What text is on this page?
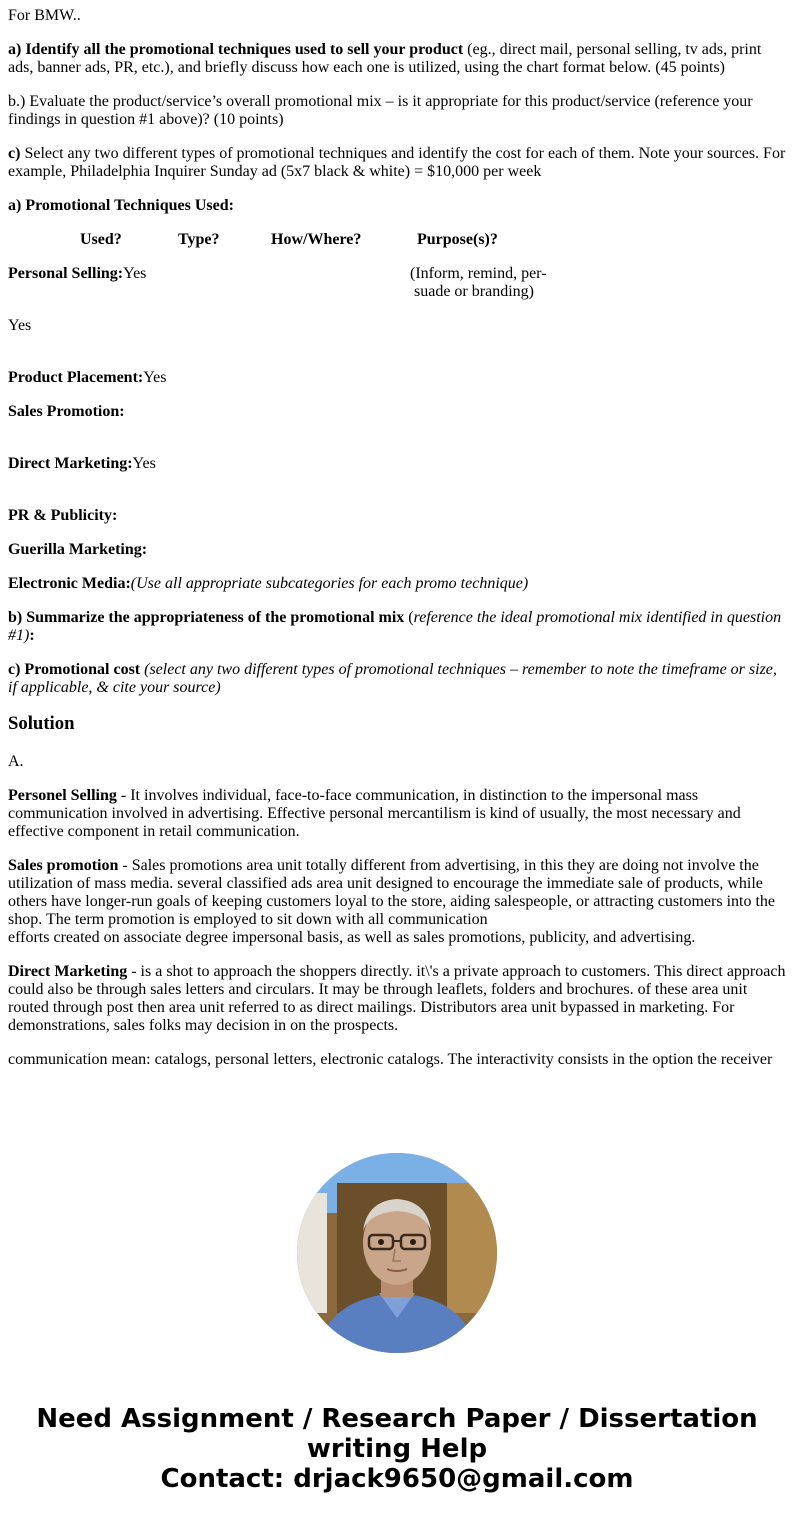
For BMW..

a) Identify all the promotional techniques used to sell your product (eg., direct mail, personal selling, tv ads, print ads, banner ads, PR, etc.), and briefly discuss how each one is utilized, using the chart format below. (45 points)

b.) Evaluate the product/service’s overall promotional mix – is it appropriate for this product/service (reference your findings in question #1 above)? (10 points)

c) Select any two different types of promotional techniques and identify the cost for each of them. Note your sources. For example, Philadelphia Inquirer Sunday ad (5x7 black & white) = $10,000 per week

a) Promotional Techniques Used:

Used?	Type?	How/Where?	Purpose(s)?
Personal Selling:Yes	(Inform, remind, per-
suade or branding)

Yes

Product Placement:Yes

Sales Promotion:

Direct Marketing:Yes

PR & Publicity:

Guerilla Marketing:

Electronic Media:(Use all appropriate subcategories for each promo technique)

b) Summarize the appropriateness of the promotional mix (reference the ideal promotional mix identified in question #1):

c) Promotional cost (select any two different types of promotional techniques – remember to note the timeframe or size, if applicable, & cite your source)

Solution

A.

Personel Selling - It involves individual, face-to-face communication, in distinction to the impersonal mass communication involved in advertising. Effective personal mercantilism is kind of usually, the most necessary and effective component in retail communication.

Sales promotion - Sales promotions area unit totally different from advertising, in this they are doing not involve the utilization of mass media. several classified ads area unit designed to encourage the immediate sale of products, while others have longer-run goals of keeping customers loyal to the store, aiding salespeople, or attracting customers into the shop. The term promotion is employed to sit down with all communication
efforts created on associate degree impersonal basis, as well as sales promotions, publicity, and advertising.

Direct Marketing - is a shot to approach the shoppers directly. it\'s a private approach to customers. This direct approach could also be through sales letters and circulars. It may be through leaflets, folders and brochures. of these area unit routed through post then area unit referred to as direct mailings. Distributors area unit bypassed in marketing. For demonstrations, sales folks may decision in on the prospects.

communication mean: catalogs, personal letters, electronic catalogs. The interactivity consists in the option the receiver

Need Assignment / Research Paper / Dissertation
writing Help
Contact: drjack9650@gmail.com
